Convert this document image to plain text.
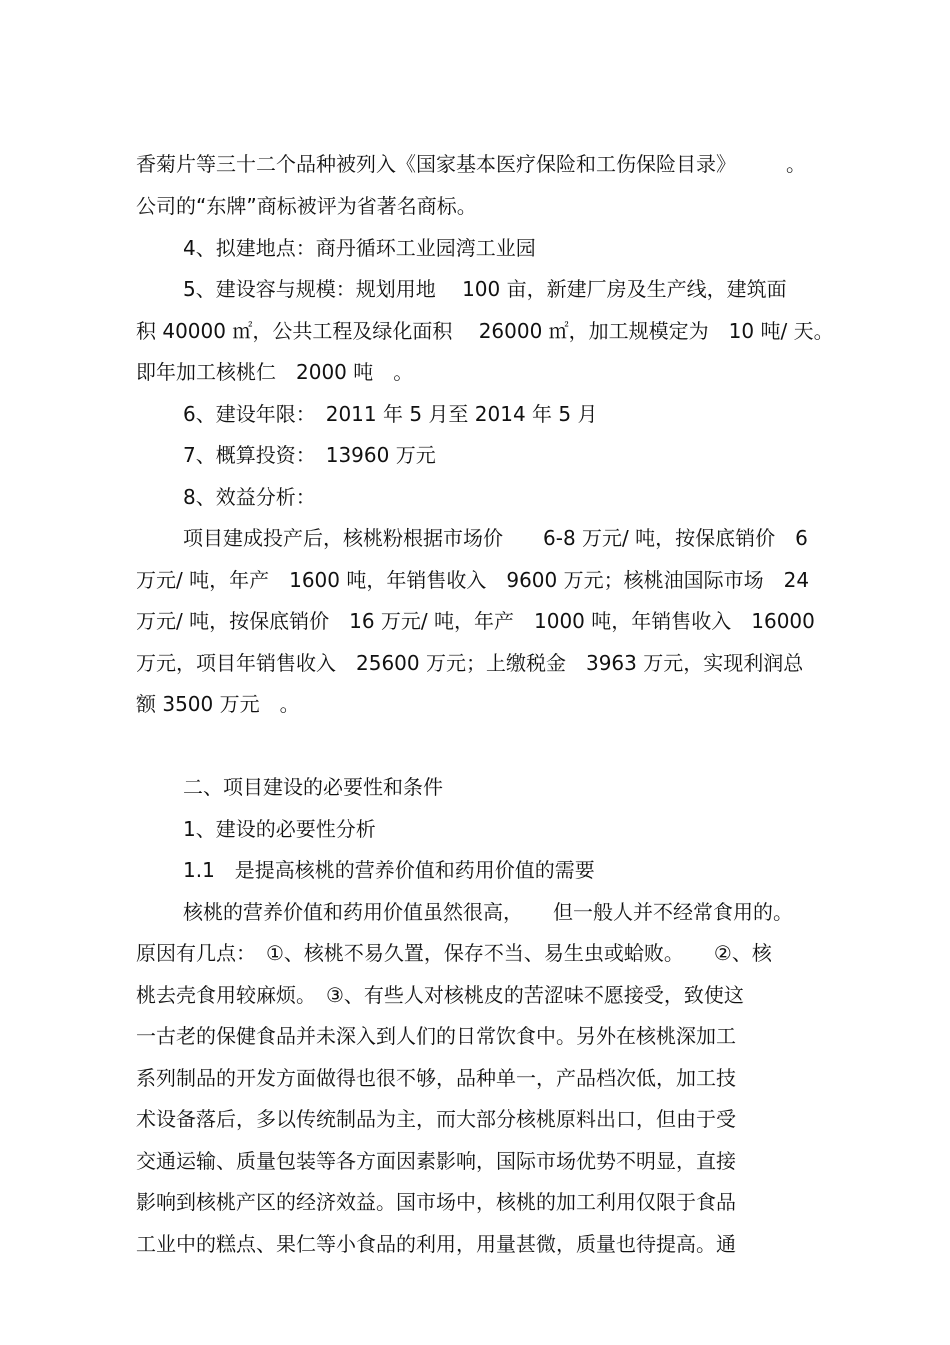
香菊片等三十二个品种被列入《国家基本医疗保险和工伤保险目录》　　　。
公司的“东牌”商标被评为省著名商标。
4、拟建地点：商丹循环工业园湾工业园
5、建设容与规模：规划用地　 100 亩，新建厂房及生产线，建筑面
积 40000 ㎡，公共工程及绿化面积　 26000 ㎡，加工规模定为　10 吨/ 天。
即年加工核桃仁　2000 吨　。
6、建设年限：　2011 年 5 月至 2014 年 5 月
7、概算投资：　13960 万元
8、效益分析：
项目建成投产后，核桃粉根据市场价　　6-8 万元/ 吨，按保底销价　6
万元/ 吨，年产　1600 吨，年销售收入　9600 万元；核桃油国际市场　24
万元/ 吨，按保底销价　16 万元/ 吨，年产　1000 吨，年销售收入　16000
万元，项目年销售收入　25600 万元；上缴税金　3963 万元，实现利润总
额 3500 万元　。
二、项目建设的必要性和条件
1、建设的必要性分析
1.1　是提高核桃的营养价值和药用价值的需要
核桃的营养价值和药用价值虽然很高，　　但一般人并不经常食用的。
原因有几点：　①、核桃不易久置，保存不当、易生虫或蛤败。　　②、核
桃去壳食用较麻烦。　③、有些人对核桃皮的苦涩味不愿接受，致使这
一古老的保健食品并未深入到人们的日常饮食中。另外在核桃深加工
系列制品的开发方面做得也很不够，品种单一，产品档次低，加工技
术设备落后，多以传统制品为主，而大部分核桃原料出口，但由于受
交通运输、质量包装等各方面因素影响，国际市场优势不明显，直接
影响到核桃产区的经济效益。国市场中，核桃的加工利用仅限于食品
工业中的糕点、果仁等小食品的利用，用量甚微，质量也待提高。通
